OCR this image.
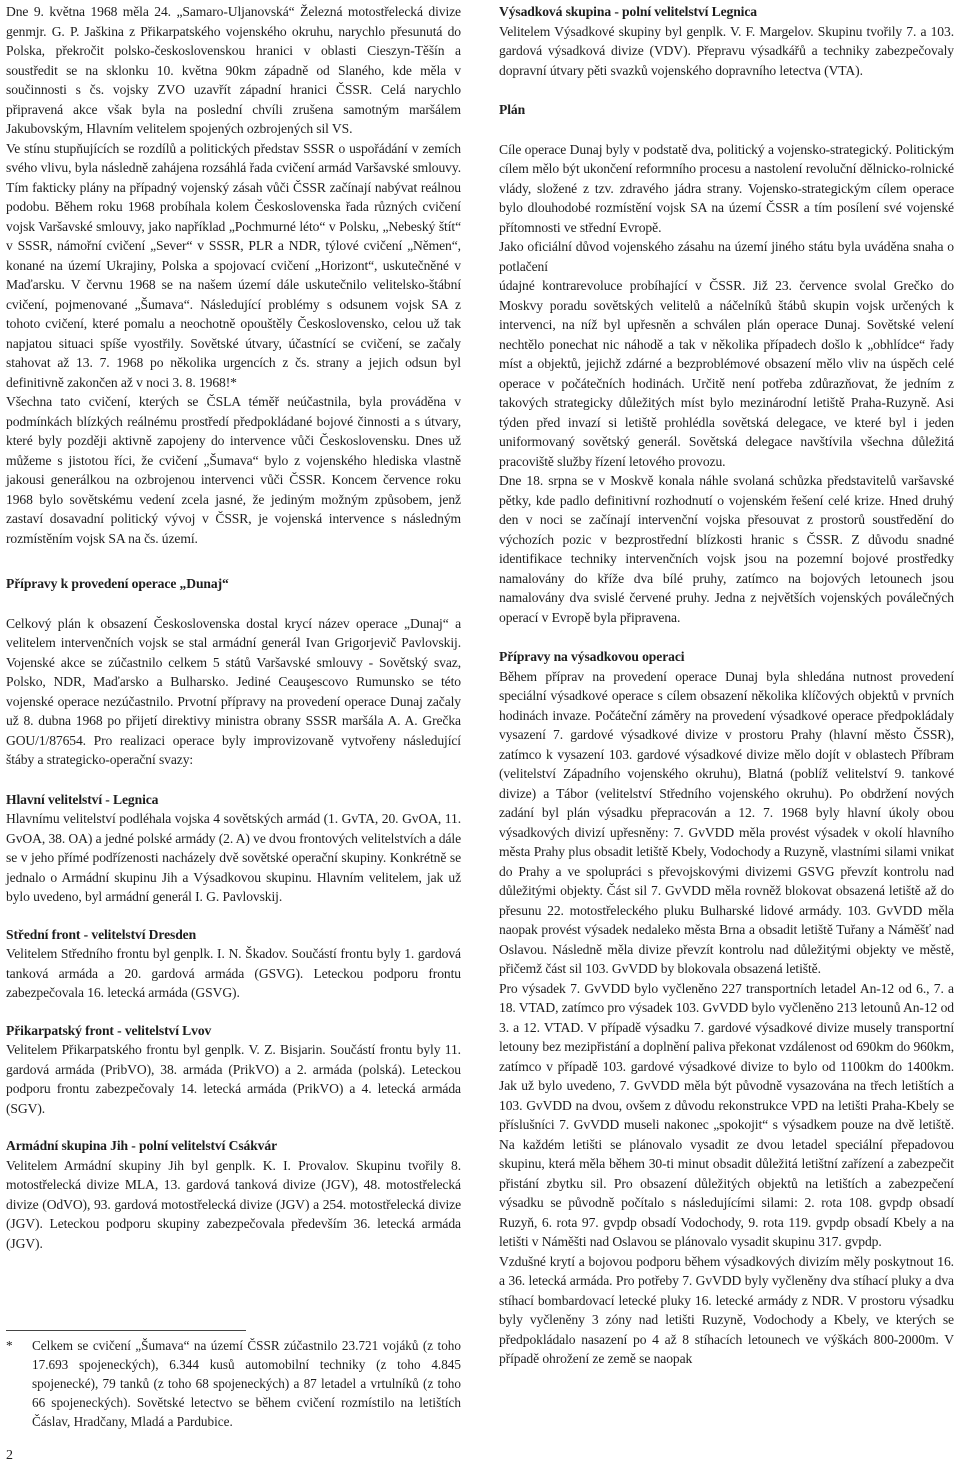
Dne 9. května 1968 měla 24. „Samaro-Uljanovská“ Železná motostřelecká divize genmjr. G. P. Jaškina z Přikarpatského vojenského okruhu, narychlo přesunutá do Polska, překročit polsko-československou hranici v oblasti Cieszyn-Těšín a soustředit se na sklonku 10. května 90km západně od Slaného, kde měla v součinnosti s čs. vojsky ZVO uzavřít západní hranici ČSSR. Celá narychlo připravená akce však byla na poslední chvíli zrušena samotným maršálem Jakubovským, Hlavním velitelem spojených ozbrojených sil VS.

Ve stínu stupňujících se rozdílů a politických představ SSSR o uspořádání v zemích svého vlivu, byla následně zahájena rozsáhlá řada cvičení armád Varšavské smlouvy. Tím fakticky plány na případný vojenský zásah vůči ČSSR začínají nabývat reálnou podobu. Během roku 1968 probíhala kolem Československa řada různých cvičení vojsk Varšavské smlouvy, jako například „Pochmurné léto“ v Polsku, „Nebeský štít“ v SSSR, námořní cvičení „Sever“ v SSSR, PLR a NDR, týlové cvičení „Němen“, konané na území Ukrajiny, Polska a spojovací cvičení „Horizont“, uskutečněné v Maďarsku. V červnu 1968 se na našem území dále uskutečnilo velitelsko-štábní cvičení, pojmenované „Šumava“. Následující problémy s odsunem vojsk SA z tohoto cvičení, které pomalu a neochotně opouštěly Československo, celou už tak napjatou situaci spíše vyostřily. Sovětské útvary, účastnící se cvičení, se začaly stahovat až 13. 7. 1968 po několika urgencích z čs. strany a jejich odsun byl definitivně zakončen až v noci 3. 8. 1968!*

Všechna tato cvičení, kterých se ČSLA téměř neúčastnila, byla prováděna v podmínkách blízkých reálnému prostředí předpokládané bojové činnosti a s útvary, které byly později aktivně zapojeny do intervence vůči Československu. Dnes už můžeme s jistotou říci, že cvičení „Šumava“ bylo z vojenského hlediska vlastně jakousi generálkou na ozbrojenou intervenci vůči ČSSR. Koncem července roku 1968 bylo sovětskému vedení zcela jasné, že jediným možným způsobem, jenž zastaví dosavadní politický vývoj v ČSSR, je vojenská intervence s následným rozmístěním vojsk SA na čs. území.

Přípravy k provedení operace „Dunaj“

Celkový plán k obsazení Československa dostal krycí název operace „Dunaj“ a velitelem intervenčních vojsk se stal armádní generál Ivan Grigorjevič Pavlovskij. Vojenské akce se zúčastnilo celkem 5 států Varšavské smlouvy - Sovětský svaz, Polsko, NDR, Maďarsko a Bulharsko. Jediné Ceauşescovo Rumunsko se této vojenské operace nezúčastnilo. Prvotní přípravy na provedení operace Dunaj začaly už 8. dubna 1968 po přijetí direktivy ministra obrany SSSR maršála A. A. Grečka GOU/1/87654. Pro realizaci operace byly improvizovaně vytvořeny následující štáby a strategicko-operační svazy:

Hlavní velitelství - Legnica

Hlavnímu velitelství podléhala vojska 4 sovětských armád (1. GvTA, 20. GvOA, 11. GvOA, 38. OA) a jedné polské armády (2. A) ve dvou frontových velitelstvích a dále se v jeho přímé podřízenosti nacházely dvě sovětské operační skupiny. Konkrétně se jednalo o Armádní skupinu Jih a Výsadkovou skupinu. Hlavním velitelem, jak už bylo uvedeno, byl armádní generál I. G. Pavlovskij.

Střední front - velitelství Dresden

Velitelem Středního frontu byl genplk. I. N. Škadov. Součástí frontu byly 1. gardová tanková armáda a 20. gardová armáda (GSVG). Leteckou podporu frontu zabezpečovala 16. letecká armáda (GSVG).

Přikarpatský front - velitelství Lvov

Velitelem Přikarpatského frontu byl genplk. V. Z. Bisjarin. Součástí frontu byly 11. gardová armáda (PribVO), 38. armáda (PrikVO) a 2. armáda (polská). Leteckou podporu frontu zabezpečovaly 14. letecká armáda (PrikVO) a 4. letecká armáda (SGV).

Armádní skupina Jih - polní velitelství Csákvár

Velitelem Armádní skupiny Jih byl genplk. K. I. Provalov. Skupinu tvořily 8. motostřelecká divize MLA, 13. gardová tanková divize (JGV), 48. motostřelecká divize (OdVO), 93. gardová motostřelecká divize (JGV) a 254. motostřelecká divize (JGV). Leteckou podporu skupiny zabezpečovala především 36. letecká armáda (JGV).

* Celkem se cvičení „Šumava“ na území ČSSR zúčastnilo 23.721 vojáků (z toho 17.693 spojeneckých), 6.344 kusů automobilní techniky (z toho 4.845 spojenecké), 79 tanků (z toho 68 spojeneckých) a 87 letadel a vrtulníků (z toho 66 spojeneckých). Sovětské letectvo se během cvičení rozmístilo na letištích Čáslav, Hradčany, Mladá a Pardubice.

2

Výsadková skupina - polní velitelství Legnica

Velitelem Výsadkové skupiny byl genplk. V. F. Margelov. Skupinu tvořily 7. a 103. gardová výsadková divize (VDV). Přepravu výsadkářů a techniky zabezpečovaly dopravní útvary pěti svazků vojenského dopravního letectva (VTA).

Plán

Cíle operace Dunaj byly v podstatě dva, politický a vojensko-strategický. Politickým cílem mělo být ukončení reformního procesu a nastolení revoluční dělnicko-rolnické vlády, složené z tzv. zdravého jádra strany. Vojensko-strategickým cílem operace bylo dlouhodobé rozmístění vojsk SA na území ČSSR a tím posílení své vojenské přítomnosti ve střední Evropě.

Jako oficiální důvod vojenského zásahu na území jiného státu byla uváděna snaha o potlačení

údajné kontrarevoluce probíhající v ČSSR. Již 23. července svolal Grečko do Moskvy poradu sovětských velitelů a náčelníků štábů skupin vojsk určených k intervenci, na níž byl upřesněn a schválen plán operace Dunaj. Sovětské velení nechtělo ponechat nic náhodě a tak v několika případech došlo k „obhlídce“ řady míst a objektů, jejichž zdárné a bezproblémové obsazení mělo vliv na úspěch celé operace v počátečních hodinách. Určitě není potřeba zdůrazňovat, že jedním z takových strategicky důležitých míst bylo mezinárodní letiště Praha-Ruzyně. Asi týden před invazí si letiště prohlédla sovětská delegace, ve které byl i jeden uniformovaný sovětský generál. Sovětská delegace navštívila všechna důležitá pracoviště služby řízení letového provozu.

Dne 18. srpna se v Moskvě konala náhle svolaná schůzka představitelů varšavské pětky, kde padlo definitivní rozhodnutí o vojenském řešení celé krize. Hned druhý den v noci se začínají intervenční vojska přesouvat z prostorů soustředění do výchozích pozic v bezprostřední blízkosti hranic s ČSSR. Z důvodu snadné identifikace techniky intervenčních vojsk jsou na pozemní bojové prostředky namalovány do kříže dva bílé pruhy, zatímco na bojových letounech jsou namalovány dva svislé červené pruhy. Jedna z největších vojenských poválečných operací v Evropě byla připravena.

Přípravy na výsadkovou operaci

Během příprav na provedení operace Dunaj byla shledána nutnost provedení speciální výsadkové operace s cílem obsazení několika klíčových objektů v prvních hodinách invaze. Počáteční záměry na provedení výsadkové operace předpokládaly vysazení 7. gardové výsadkové divize v prostoru Prahy (hlavní město ČSSR), zatímco k vysazení 103. gardové výsadkové divize mělo dojít v oblastech Příbram (velitelství Západního vojenského okruhu), Blatná (poblíž velitelství 9. tankové divize) a Tábor (velitelství Středního vojenského okruhu). Po obdržení nových zadání byl plán výsadku přepracován a 12. 7. 1968 byly hlavní úkoly obou výsadkových divizí upřesněny: 7. GvVDD měla provést výsadek v okolí hlavního města Prahy plus obsadit letiště Kbely, Vodochody a Ruzyně, vlastními silami vnikat do Prahy a ve spolupráci s převojskovými divizemi GSVG převzít kontrolu nad důležitými objekty. Část sil 7. GvVDD měla rovněž blokovat obsazená letiště až do přesunu 22. motostřeleckého pluku Bulharské lidové armády. 103. GvVDD měla naopak provést výsadek nedaleko města Brna a obsadit letiště Tuřany a Náměšť nad Oslavou. Následně měla divize převzít kontrolu nad důležitými objekty ve městě, přičemž část sil 103. GvVDD by blokovala obsazená letiště.

Pro výsadek 7. GvVDD bylo vyčleněno 227 transportních letadel An-12 od 6., 7. a 18. VTAD, zatímco pro výsadek 103. GvVDD bylo vyčleněno 213 letounů An-12 od 3. a 12. VTAD. V případě výsadku 7. gardové výsadkové divize musely transportní letouny bez mezipřistání a doplnění paliva překonat vzdálenost od 690km do 960km, zatímco v případě 103. gardové výsadkové divize to bylo od 1100km do 1400km. Jak už bylo uvedeno, 7. GvVDD měla být původně vysazována na třech letištích a 103. GvVDD na dvou, ovšem z důvodu rekonstrukce VPD na letišti Praha-Kbely se příslušníci 7. GvVDD museli nakonec „spokojit“ s výsadkem pouze na dvě letiště. Na každém letišti se plánovalo vysadit ze dvou letadel speciální přepadovou skupinu, která měla během 30-ti minut obsadit důležitá letištní zařízení a zabezpečit přistání zbytku sil. Pro obsazení důležitých objektů na letištích a zabezpečení výsadku se původně počítalo s následujícími silami: 2. rota 108. gvpdp obsadí Ruzyň, 6. rota 97. gvpdp obsadí Vodochody, 9. rota 119. gvpdp obsadí Kbely a na letišti v Náměšti nad Oslavou se plánovalo vysadit skupinu 317. gvpdp.

Vzdušné krytí a bojovou podporu během výsadkových divizím měly poskytnout 16. a 36. letecká armáda. Pro potřeby 7. GvVDD byly vyčleněny dva stíhací pluky a dva stíhací bombardovací letecké pluky 16. letecké armády z NDR. V prostoru výsadku byly vyčleněny 3 zóny nad letišti Ruzyně, Vodochody a Kbely, ve kterých se předpokládalo nasazení po 4 až 8 stíhacích letounech ve výškách 800-2000m. V případě ohrožení ze země se naopak
